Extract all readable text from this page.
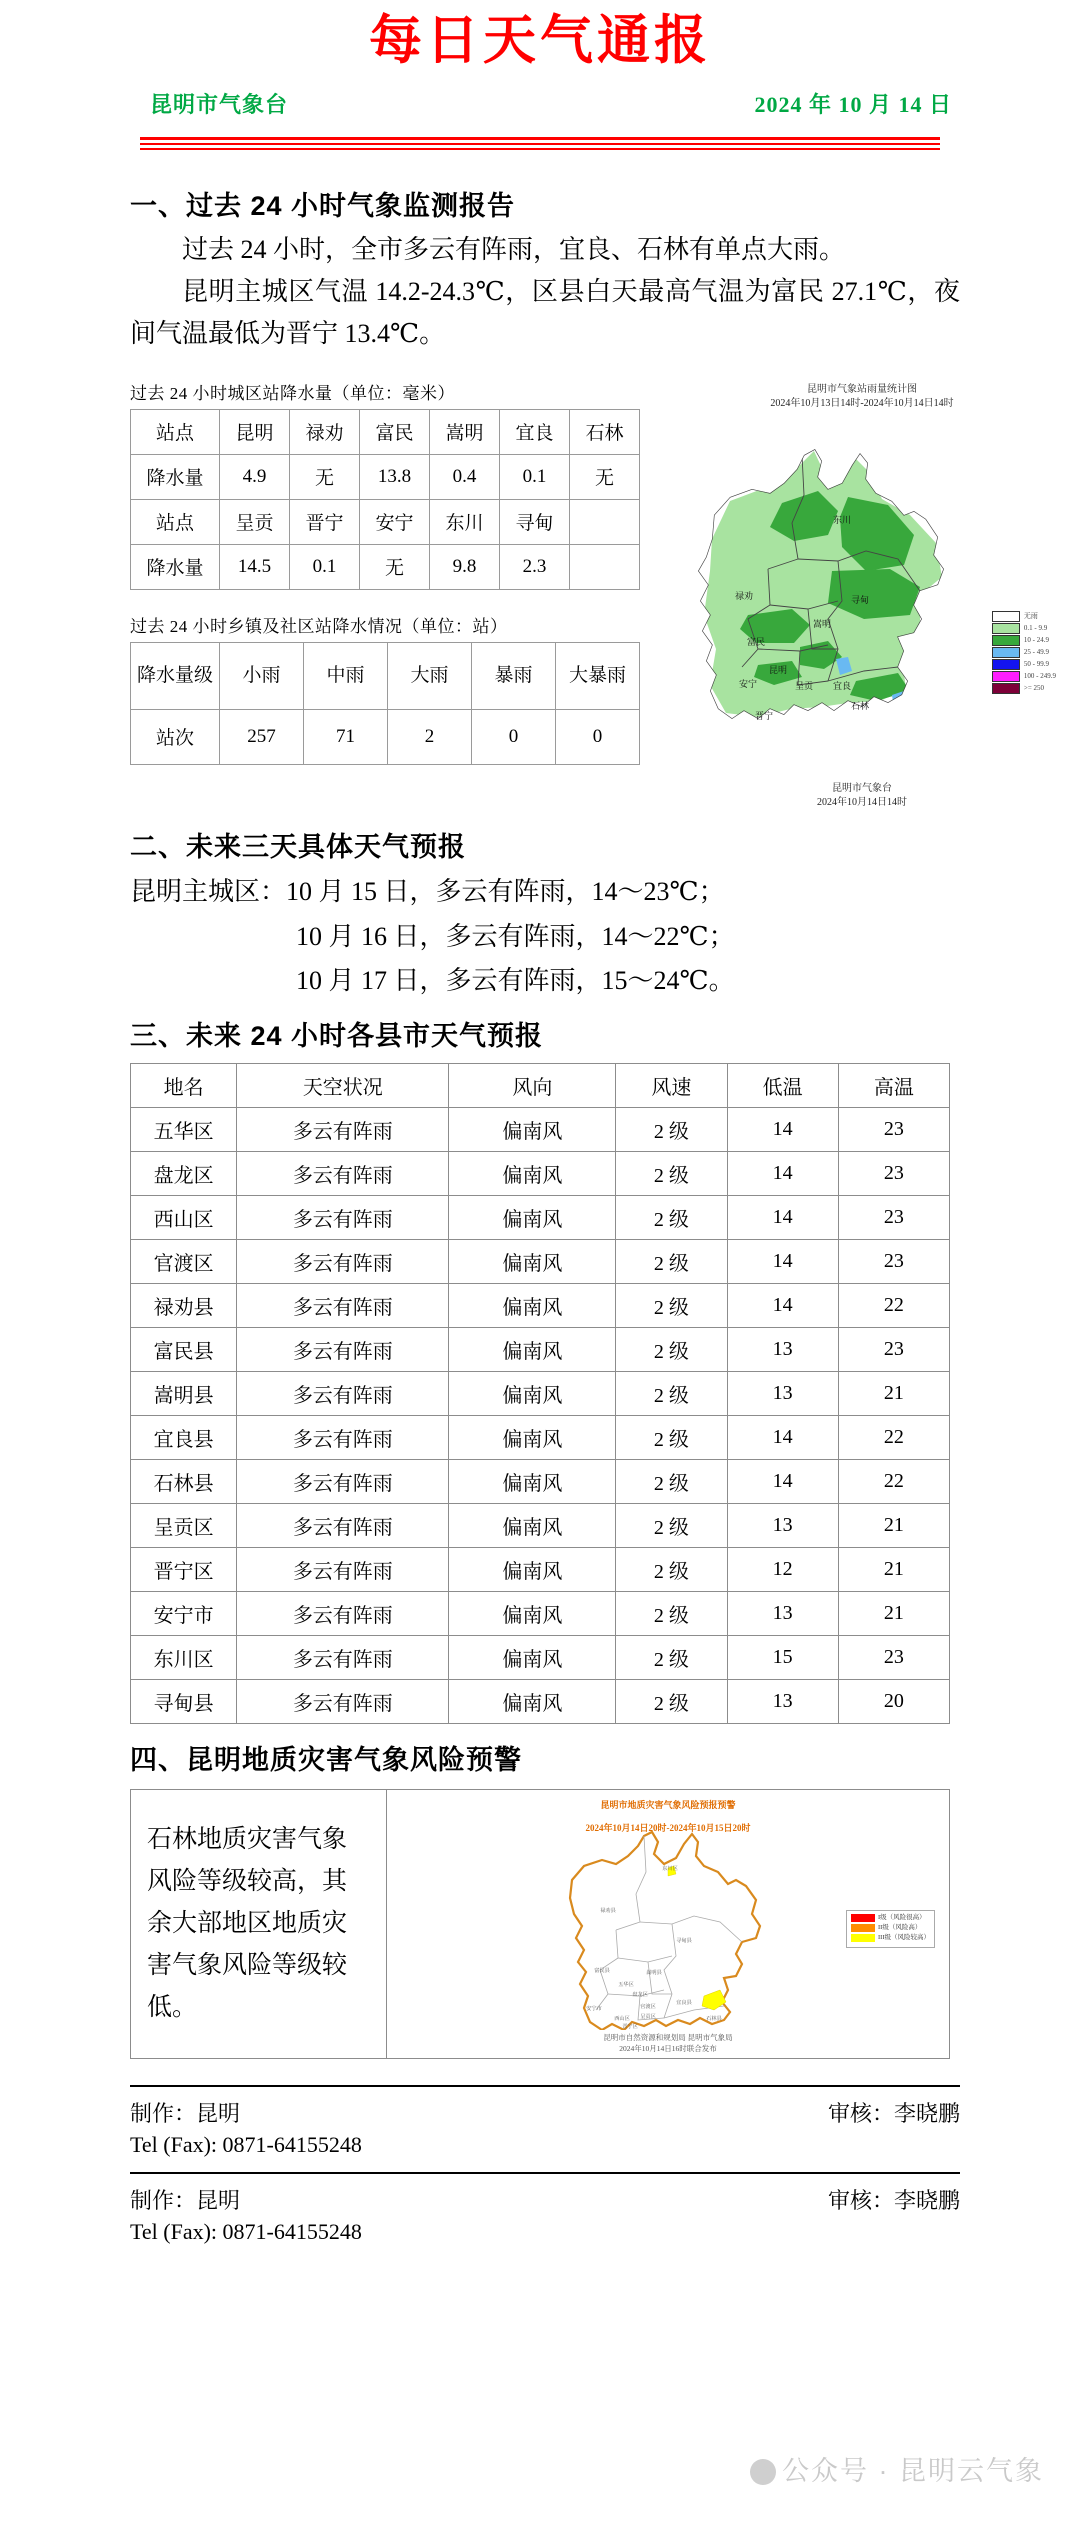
每日天气通报
昆明市气象台	2024 年 10 月 14 日
一、过去 24 小时气象监测报告
过去 24 小时，全市多云有阵雨，宜良、石林有单点大雨。
昆明主城区气温 14.2-24.3℃，区县白天最高气温为富民 27.1℃，夜间气温最低为晋宁 13.4℃。
过去 24 小时城区站降水量（单位：毫米）
站点	昆明	禄劝	富民	嵩明	宜良	石林
降水量	4.9	无	13.8	0.4	0.1	无
站点	呈贡	晋宁	安宁	东川	寻甸	
降水量	14.5	0.1	无	9.8	2.3	
过去 24 小时乡镇及社区站降水情况（单位：站）
降水量级	小雨	中雨	大雨	暴雨	大暴雨
站次	257	71	2	0	0
昆明市气象站雨量统计图
2024年10月13日14时-2024年10月14日14时
东川
禄劝	寻甸
嵩明
富民
昆明
安宁	呈贡 宜良
石林
晋宁
无雨
0.1 - 9.9
10 - 24.9
25 - 49.9
50 - 99.9
100 - 249.9
>= 250
昆明市气象台
2024年10月14日14时
二、未来三天具体天气预报
昆明主城区：10 月 15 日，多云有阵雨，14～23℃；
10 月 16 日，多云有阵雨，14～22℃；
10 月 17 日，多云有阵雨，15～24℃。
三、未来 24 小时各县市天气预报
地名	天空状况	风向	风速	低温	高温
五华区	多云有阵雨	偏南风	2 级	14	23
盘龙区	多云有阵雨	偏南风	2 级	14	23
西山区	多云有阵雨	偏南风	2 级	14	23
官渡区	多云有阵雨	偏南风	2 级	14	23
禄劝县	多云有阵雨	偏南风	2 级	14	22
富民县	多云有阵雨	偏南风	2 级	13	23
嵩明县	多云有阵雨	偏南风	2 级	13	21
宜良县	多云有阵雨	偏南风	2 级	14	22
石林县	多云有阵雨	偏南风	2 级	14	22
呈贡区	多云有阵雨	偏南风	2 级	13	21
晋宁区	多云有阵雨	偏南风	2 级	12	21
安宁市	多云有阵雨	偏南风	2 级	13	21
东川区	多云有阵雨	偏南风	2 级	15	23
寻甸县	多云有阵雨	偏南风	2 级	13	20
四、昆明地质灾害气象风险预警

石林地质灾害气象风险等级较高，其余大部地区地质灾害气象风险等级较低。

昆明市地质灾害气象风险预报预警
2024年10月14日20时-2024年10月15日20时
东川区
禄劝县
寻甸县
嵩明县
富民县
五华区
盘龙区
官渡区
宜良县
安宁市
西山区 呈贡区
晋宁区
石林县
I级（风险很高）
II级（风险高）
III级（风险较高）
昆明市自然资源和规划局 昆明市气象局
2024年10月14日16时联合发布
制作：昆明	审核：李晓鹏
Tel (Fax): 0871-64155248
制作：昆明	审核：李晓鹏
Tel (Fax): 0871-64155248
公众号 · 昆明云气象
